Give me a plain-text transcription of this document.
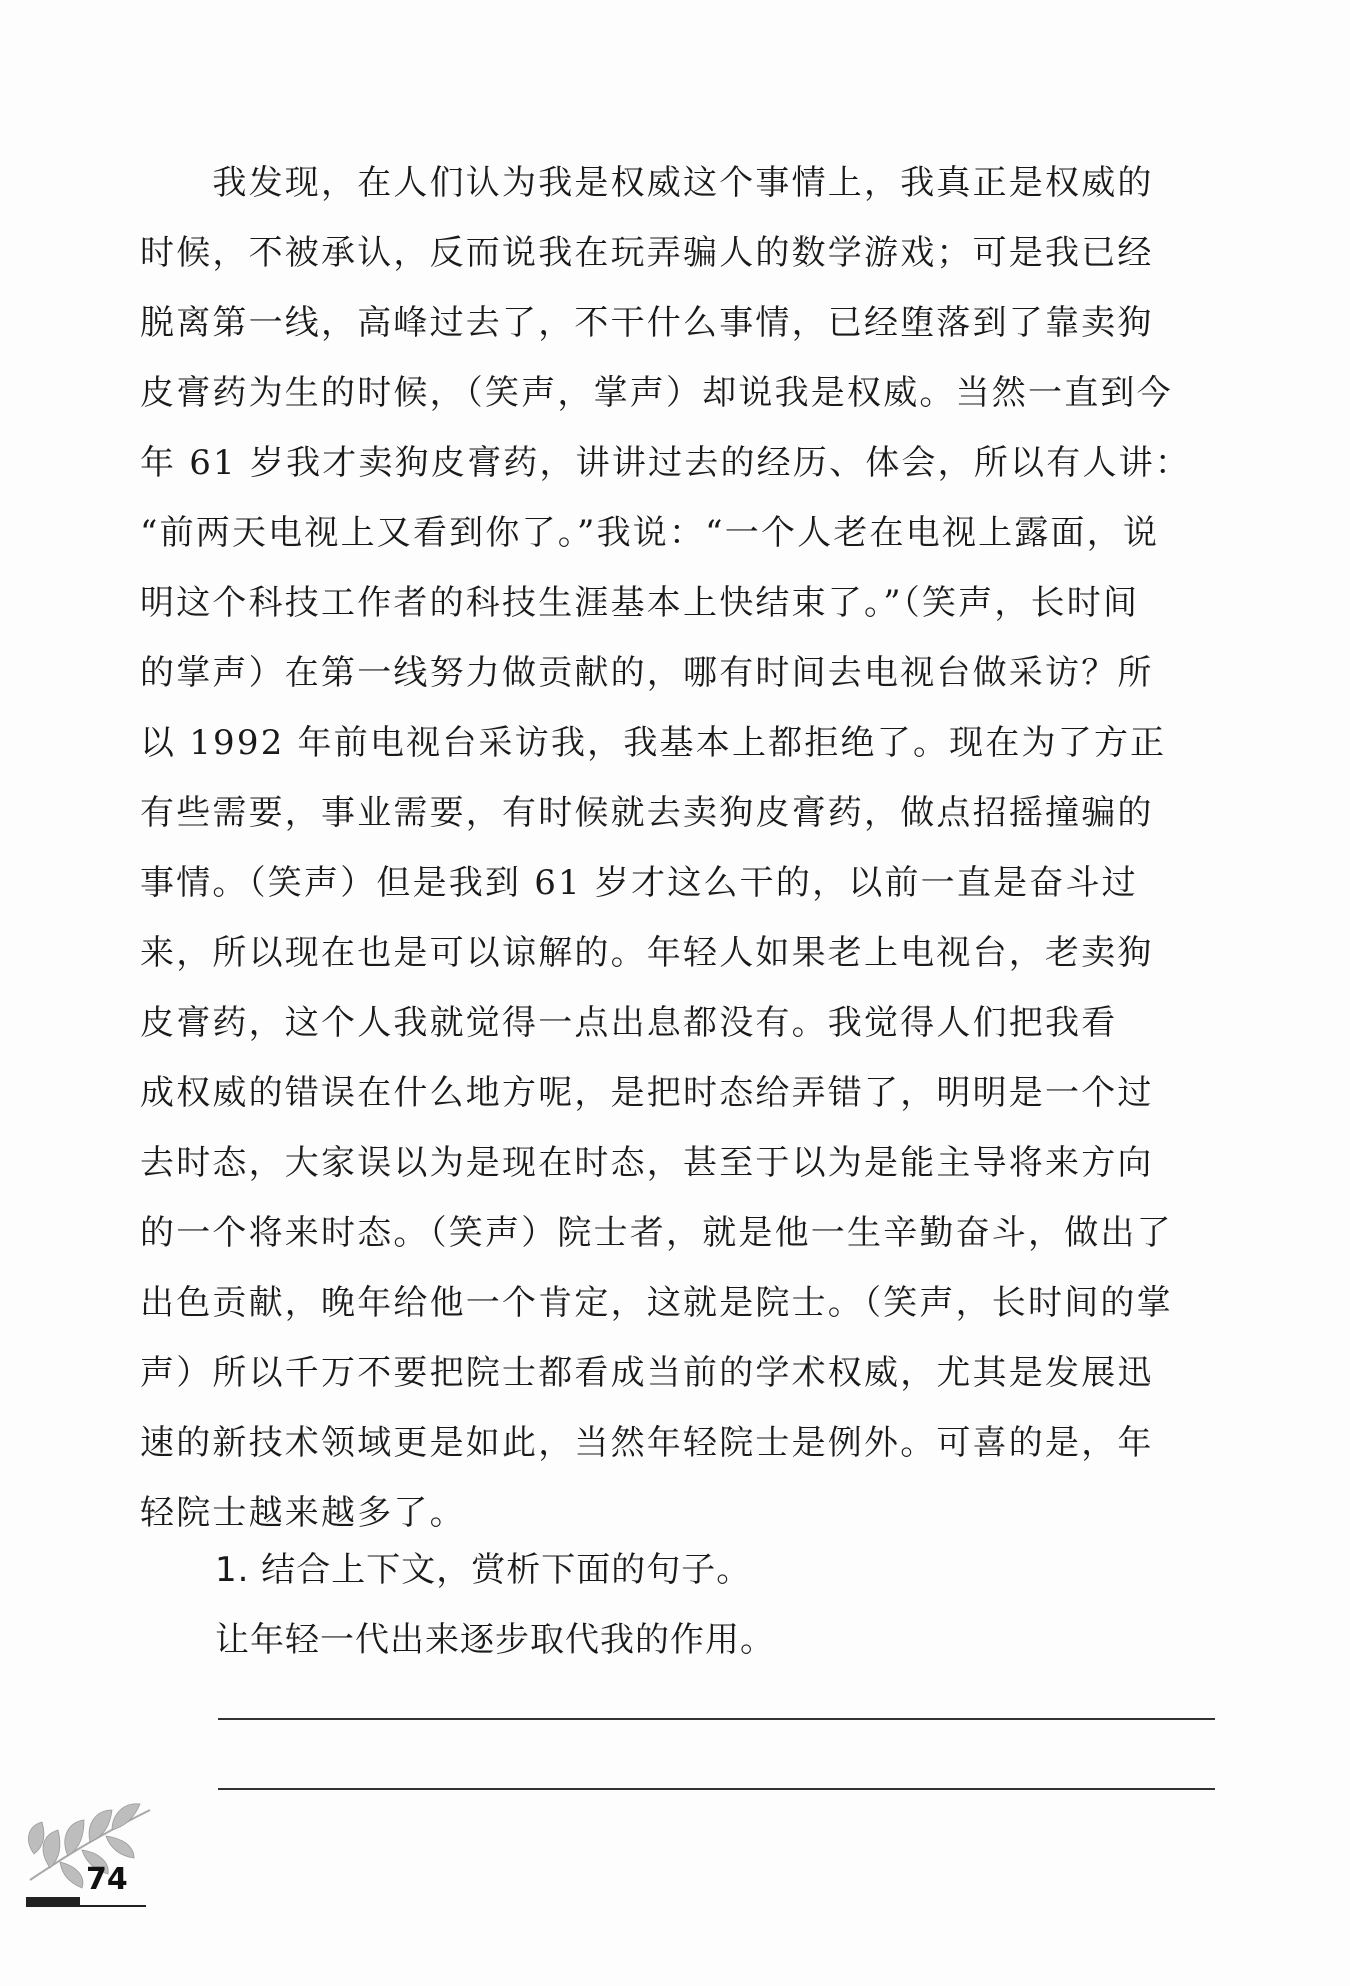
　　我发现，在人们认为我是权威这个事情上，我真正是权威的
时候，不被承认，反而说我在玩弄骗人的数学游戏；可是我已经
脱离第一线，高峰过去了，不干什么事情，已经堕落到了靠卖狗
皮膏药为生的时候，（笑声，掌声）却说我是权威。当然一直到今
年 61 岁我才卖狗皮膏药，讲讲过去的经历、体会，所以有人讲：
“前两天电视上又看到你了。”我说：“一个人老在电视上露面，说
明这个科技工作者的科技生涯基本上快结束了。”（笑声，长时间
的掌声）在第一线努力做贡献的，哪有时间去电视台做采访？所
以 1992 年前电视台采访我，我基本上都拒绝了。现在为了方正
有些需要，事业需要，有时候就去卖狗皮膏药，做点招摇撞骗的
事情。（笑声）但是我到 61 岁才这么干的，以前一直是奋斗过
来，所以现在也是可以谅解的。年轻人如果老上电视台，老卖狗
皮膏药，这个人我就觉得一点出息都没有。我觉得人们把我看
成权威的错误在什么地方呢，是把时态给弄错了，明明是一个过
去时态，大家误以为是现在时态，甚至于以为是能主导将来方向
的一个将来时态。（笑声）院士者，就是他一生辛勤奋斗，做出了
出色贡献，晚年给他一个肯定，这就是院士。（笑声，长时间的掌
声）所以千万不要把院士都看成当前的学术权威，尤其是发展迅
速的新技术领域更是如此，当然年轻院士是例外。可喜的是，年
轻院士越来越多了。
1. 结合上下文，赏析下面的句子。
让年轻一代出来逐步取代我的作用。
74
